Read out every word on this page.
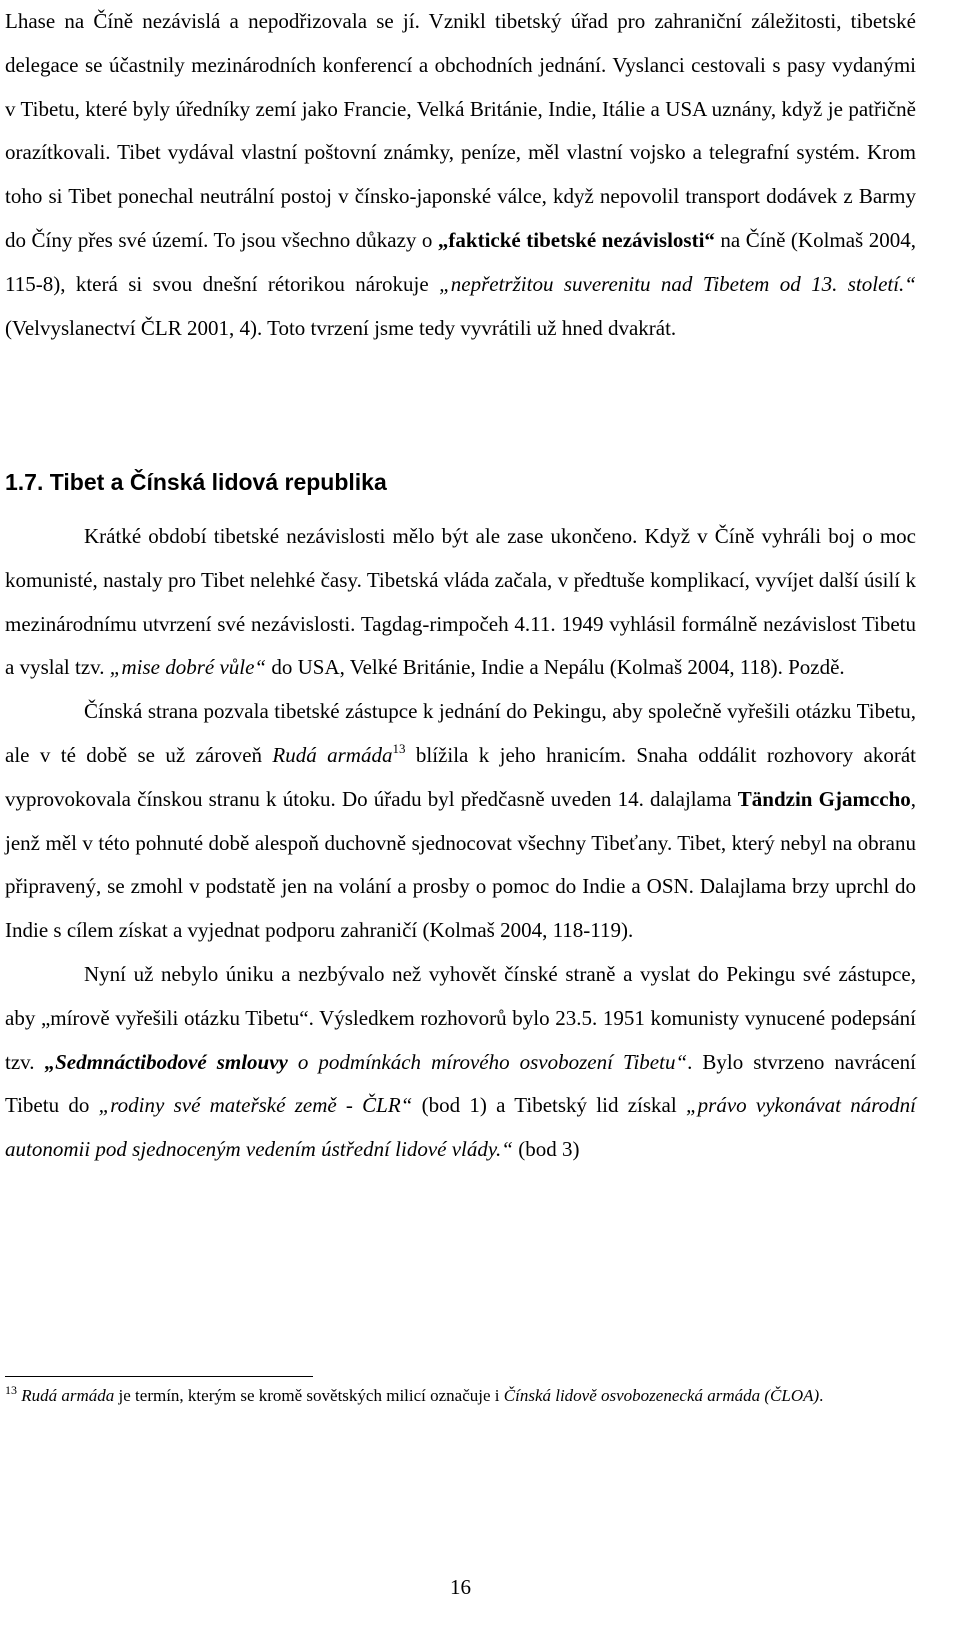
Lhase na Číně nezávislá a nepodřizovala se jí. Vznikl tibetský úřad pro zahraniční záležitosti, tibetské delegace se účastnily mezinárodních konferencí a obchodních jednání. Vyslanci cestovali s pasy vydanými v Tibetu, které byly úředníky zemí jako Francie, Velká Británie, Indie, Itálie a USA uznány, když je patřičně orazítkovali. Tibet vydával vlastní poštovní známky, peníze, měl vlastní vojsko a telegrafní systém. Krom toho si Tibet ponechal neutrální postoj v čínsko-japonské válce, když nepovolil transport dodávek z Barmy do Číny přes své území. To jsou všechno důkazy o „faktické tibetské nezávislosti“ na Číně (Kolmaš 2004, 115-8), která si svou dnešní rétorikou nárokuje „nepřetržitou suverenitu nad Tibetem od 13. století.“ (Velvyslanectví ČLR 2001, 4). Toto tvrzení jsme tedy vyvrátili už hned dvakrát.

1.7. Tibet a Čínská lidová republika

Krátké období tibetské nezávislosti mělo být ale zase ukončeno. Když v Číně vyhráli boj o moc komunisté, nastaly pro Tibet nelehké časy. Tibetská vláda začala, v předtuše komplikací, vyvíjet další úsilí k mezinárodnímu utvrzení své nezávislosti. Tagdag-rimpočeh 4.11. 1949 vyhlásil formálně nezávislost Tibetu a vyslal tzv. „mise dobré vůle“ do USA, Velké Británie, Indie a Nepálu (Kolmaš 2004, 118). Pozdě.

Čínská strana pozvala tibetské zástupce k jednání do Pekingu, aby společně vyřešili otázku Tibetu, ale v té době se už zároveň Rudá armáda$^{13}$ blížila k jeho hranicím. Snaha oddálit rozhovory akorát vyprovokovala čínskou stranu k útoku. Do úřadu byl předčasně uveden 14. dalajlama Tändzin Gjamccho, jenž měl v této pohnuté době alespoň duchovně sjednocovat všechny Tibeťany. Tibet, který nebyl na obranu připravený, se zmohl v podstatě jen na volání a prosby o pomoc do Indie a OSN. Dalajlama brzy uprchl do Indie s cílem získat a vyjednat podporu zahraničí (Kolmaš 2004, 118-119).

Nyní už nebylo úniku a nezbývalo než vyhovět čínské straně a vyslat do Pekingu své zástupce, aby „mírově vyřešili otázku Tibetu“. Výsledkem rozhovorů bylo 23.5. 1951 komunisty vynucené podepsání tzv. „Sedmnáctibodové smlouvy o podmínkách mírového osvobození Tibetu“. Bylo stvrzeno navrácení Tibetu do „rodiny své mateřské země - ČLR“ (bod 1) a Tibetský lid získal „právo vykonávat národní autonomii pod sjednoceným vedením ústřední lidové vlády.“ (bod 3)

$^{13}$ Rudá armáda je termín, kterým se kromě sovětských milicí označuje i Čínská lidově osvobozenecká armáda (ČLOA).

16
